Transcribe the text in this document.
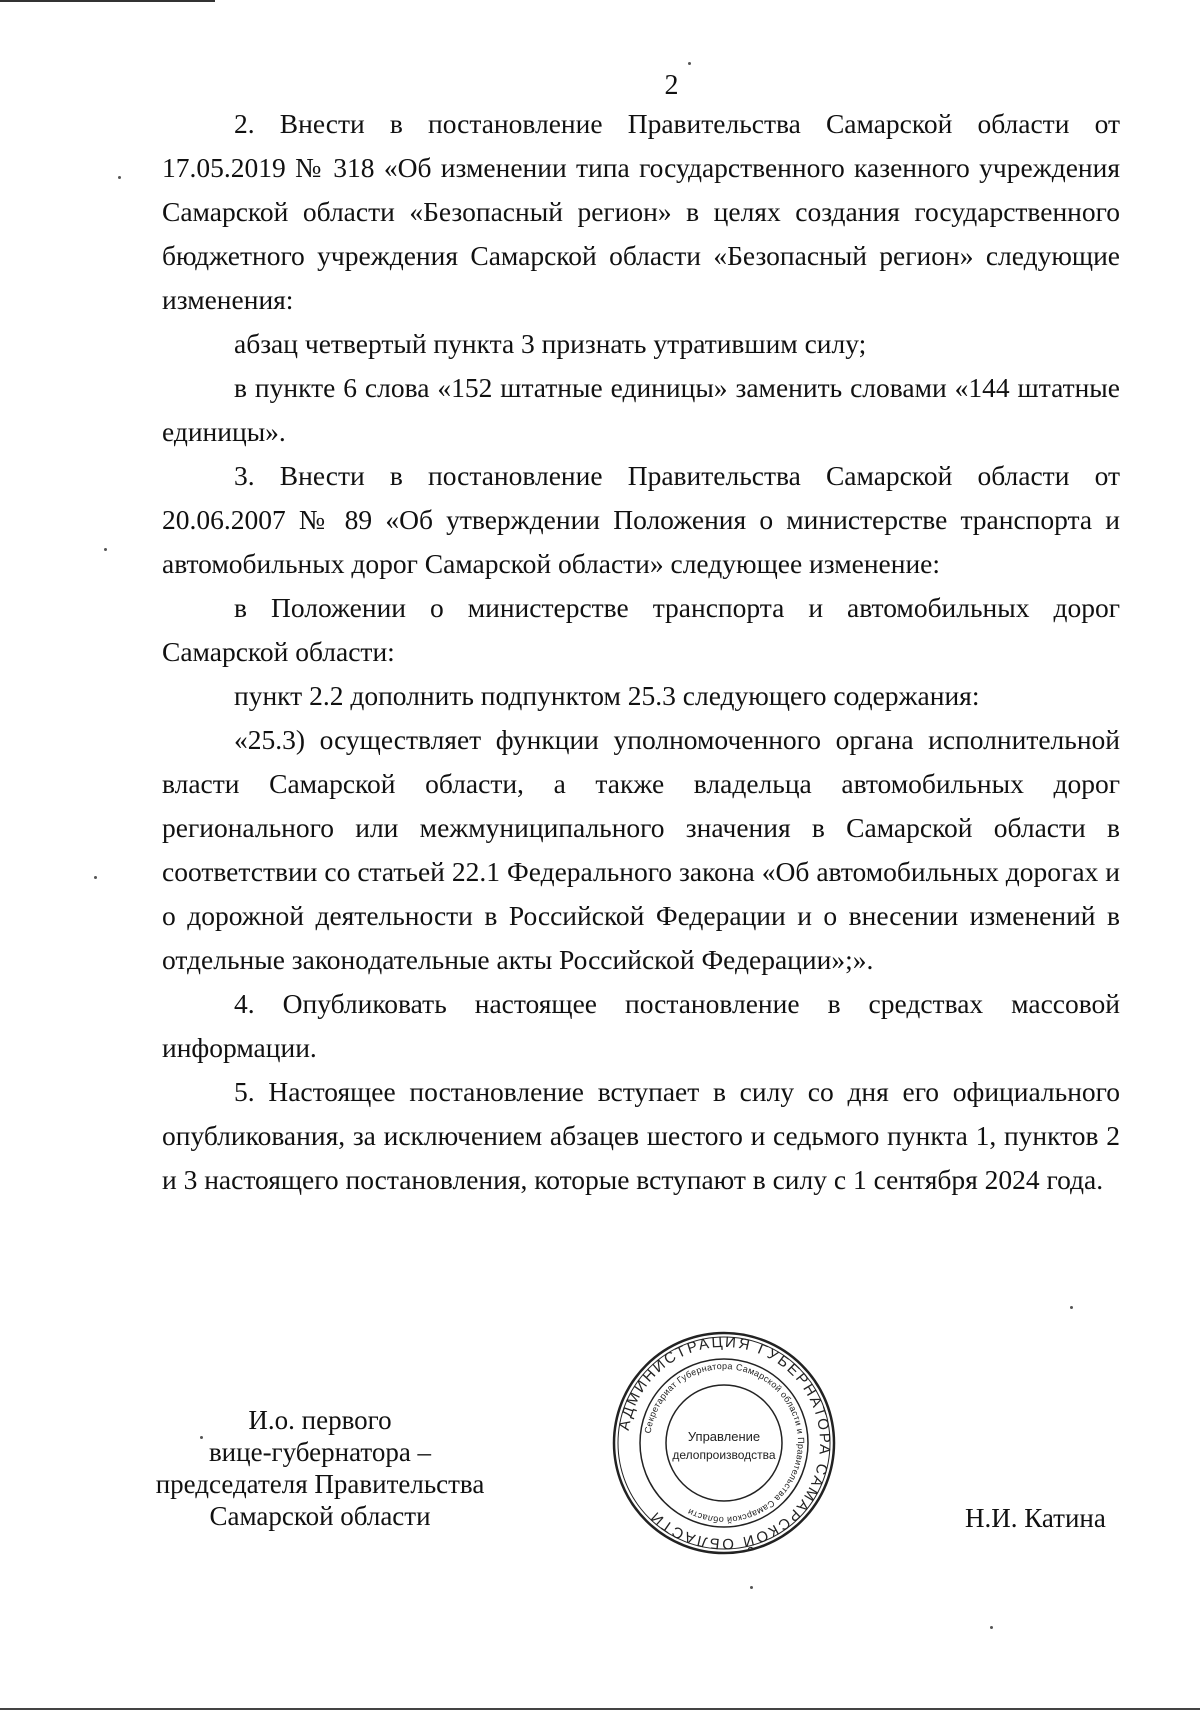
2

2. Внести в постановление Правительства Самарской области от 17.05.2019 № 318 «Об изменении типа государственного казенного учреждения Самарской области «Безопасный регион» в целях создания государственного бюджетного учреждения Самарской области «Безопасный регион» следующие изменения:

абзац четвертый пункта 3 признать утратившим силу;

в пункте 6 слова «152 штатные единицы» заменить словами «144 штатные единицы».

3. Внести в постановление Правительства Самарской области от 20.06.2007 № 89 «Об утверждении Положения о министерстве транспорта и автомобильных дорог Самарской области» следующее изменение:

в Положении о министерстве транспорта и автомобильных дорог Самарской области:

пункт 2.2 дополнить подпунктом 25.3 следующего содержания:

«25.3) осуществляет функции уполномоченного органа исполнительной власти Самарской области, а также владельца автомобильных дорог регионального или межмуниципального значения в Самарской области в соответствии со статьей 22.1 Федерального закона «Об автомобильных дорогах и о дорожной деятельности в Российской Федерации и о внесении изменений в отдельные законодательные акты Российской Федерации»;».

4. Опубликовать настоящее постановление в средствах массовой информации.

5. Настоящее постановление вступает в силу со дня его официального опубликования, за исключением абзацев шестого и седьмого пункта 1, пунктов 2 и 3 настоящего постановления, которые вступают в силу с 1 сентября 2024 года.

И.о. первого
вице-губернатора –
председателя Правительства
Самарской области
АДМИНИСТРАЦИЯ ГУБЕРНАТОРА САМАРСКОЙ ОБЛАСТИ
Секретариат Губернатора Самарской области и Правительства Самарской области
Управление
делопроизводства
Н.И. Катина
